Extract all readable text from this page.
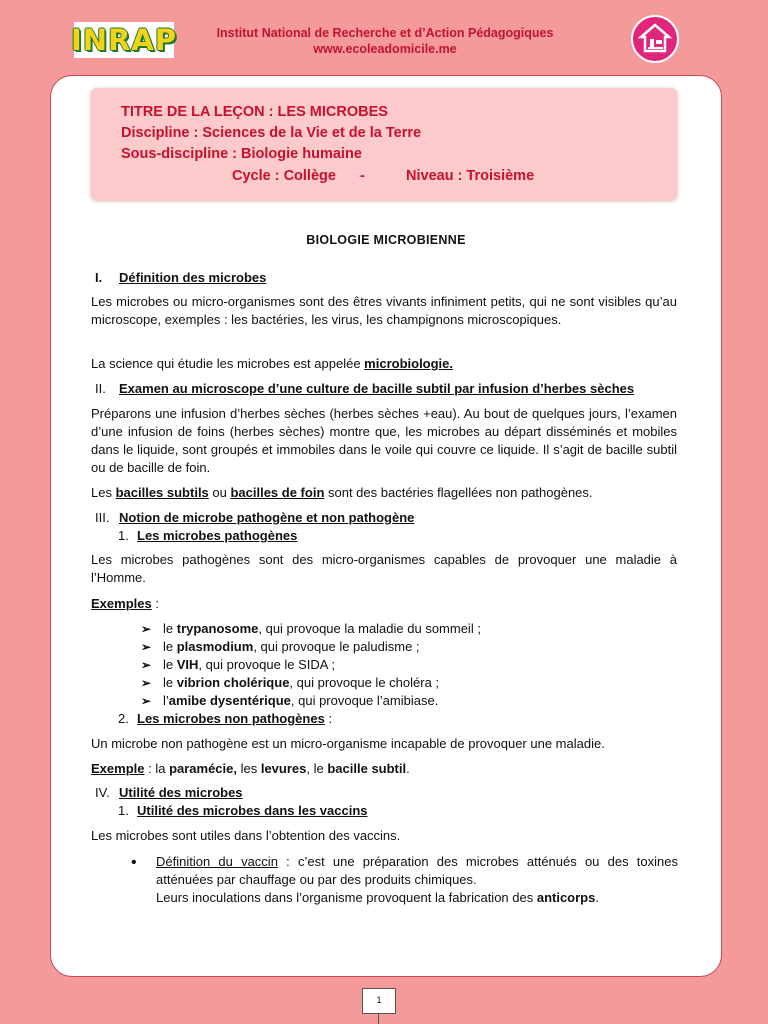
INRAP	Institut National de Recherche et d’Action Pédagogiques
www.ecoleadomicile.me
TITRE DE LA LEÇON : LES MICROBES
Discipline : Sciences de la Vie et de la Terre
Sous-discipline : Biologie humaine
Cycle : Collège -	Niveau : Troisième
BIOLOGIE MICROBIENNE
I. Définition des microbes

Les microbes ou micro-organismes sont des êtres vivants infiniment petits, qui ne sont visibles qu’au microscope, exemples : les bactéries, les virus, les champignons microscopiques.

La science qui étudie les microbes est appelée microbiologie.

II. Examen au microscope d’une culture de bacille subtil par infusion d’herbes sèches

Préparons une infusion d’herbes sèches (herbes sèches +eau). Au bout de quelques jours, l’examen d’une infusion de foins (herbes sèches) montre que, les microbes au départ disséminés et mobiles dans le liquide, sont groupés et immobiles dans le voile qui couvre ce liquide. Il s’agit de bacille subtil ou de bacille de foin.

Les bacilles subtils ou bacilles de foin sont des bactéries flagellées non pathogènes.

III. Notion de microbe pathogène et non pathogène
1. Les microbes pathogènes

Les microbes pathogènes sont des micro-organismes capables de provoquer une maladie à l’Homme.

Exemples :
➢ le trypanosome, qui provoque la maladie du sommeil ;
➢ le plasmodium, qui provoque le paludisme ;
➢ le VIH, qui provoque le SIDA ;
➢ le vibrion cholérique, qui provoque le choléra ;
➢ l’amibe dysentérique, qui provoque l’amibiase.
2. Les microbes non pathogènes :

Un microbe non pathogène est un micro-organisme incapable de provoquer une maladie.

Exemple : la paramécie, les levures, le bacille subtil.

IV. Utilité des microbes
1. Utilité des microbes dans les vaccins

Les microbes sont utiles dans l’obtention des vaccins.

• Définition du vaccin : c’est une préparation des microbes atténués ou des toxines atténuées par chauffage ou par des produits chimiques.

Leurs inoculations dans l’organisme provoquent la fabrication des anticorps.

1
